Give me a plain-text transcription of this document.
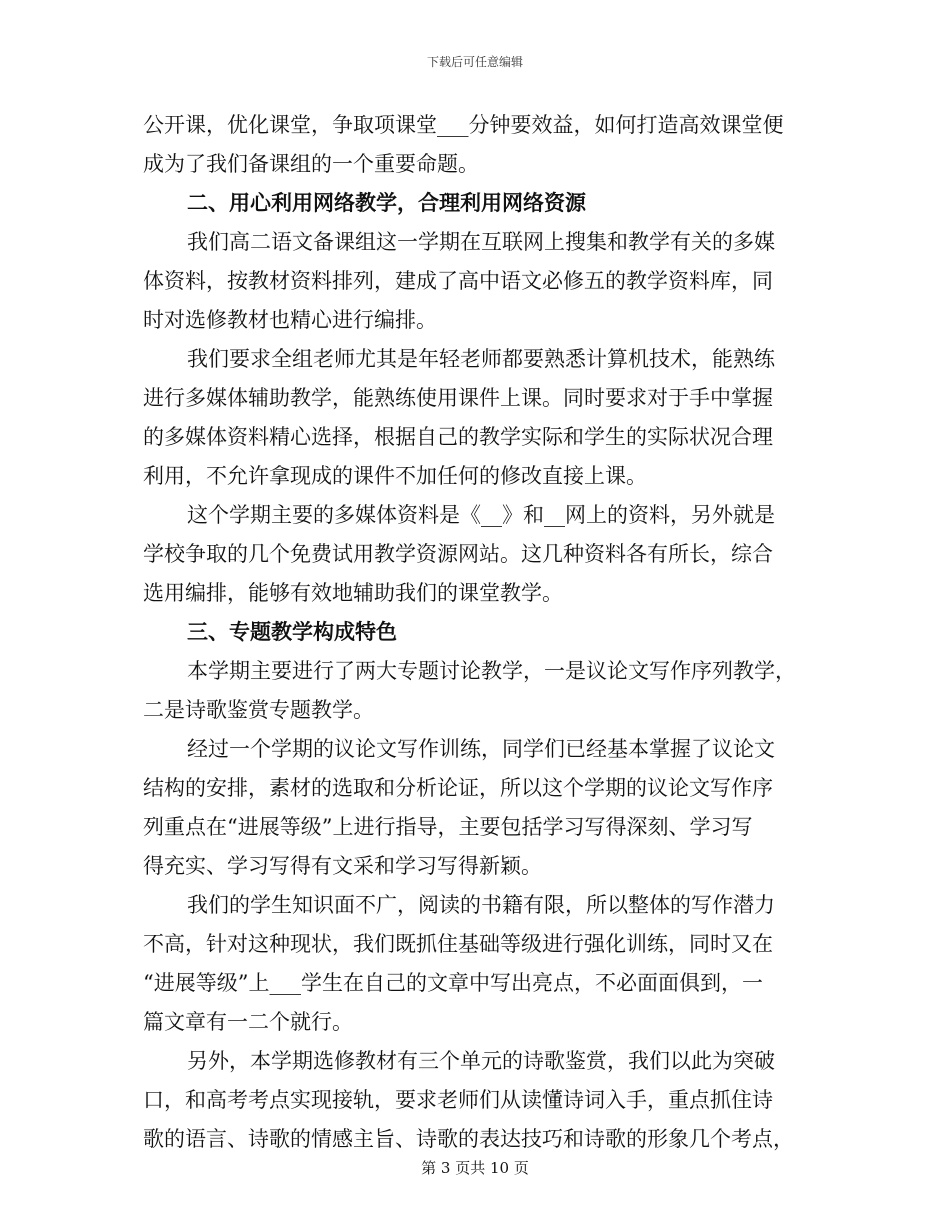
下载后可任意编辑
公开课，优化课堂，争取项课堂___分钟要效益，如何打造高效课堂便
成为了我们备课组的一个重要命题。
二、用心利用网络教学，合理利用网络资源
我们高二语文备课组这一学期在互联网上搜集和教学有关的多媒
体资料，按教材资料排列，建成了高中语文必修五的教学资料库，同
时对选修教材也精心进行编排。
我们要求全组老师尤其是年轻老师都要熟悉计算机技术，能熟练
进行多媒体辅助教学，能熟练使用课件上课。同时要求对于手中掌握
的多媒体资料精心选择，根据自己的教学实际和学生的实际状况合理
利用，不允许拿现成的课件不加任何的修改直接上课。
这个学期主要的多媒体资料是《__》和__网上的资料，另外就是
学校争取的几个免费试用教学资源网站。这几种资料各有所长，综合
选用编排，能够有效地辅助我们的课堂教学。
三、专题教学构成特色
本学期主要进行了两大专题讨论教学，一是议论文写作序列教学，
二是诗歌鉴赏专题教学。
经过一个学期的议论文写作训练，同学们已经基本掌握了议论文
结构的安排，素材的选取和分析论证，所以这个学期的议论文写作序
列重点在“进展等级”上进行指导，主要包括学习写得深刻、学习写
得充实、学习写得有文采和学习写得新颖。
我们的学生知识面不广，阅读的书籍有限，所以整体的写作潜力
不高，针对这种现状，我们既抓住基础等级进行强化训练，同时又在
“进展等级”上___学生在自己的文章中写出亮点，不必面面俱到，一
篇文章有一二个就行。
另外，本学期选修教材有三个单元的诗歌鉴赏，我们以此为突破
口，和高考考点实现接轨，要求老师们从读懂诗词入手，重点抓住诗
歌的语言、诗歌的情感主旨、诗歌的表达技巧和诗歌的形象几个考点，
第 3 页共 10 页
